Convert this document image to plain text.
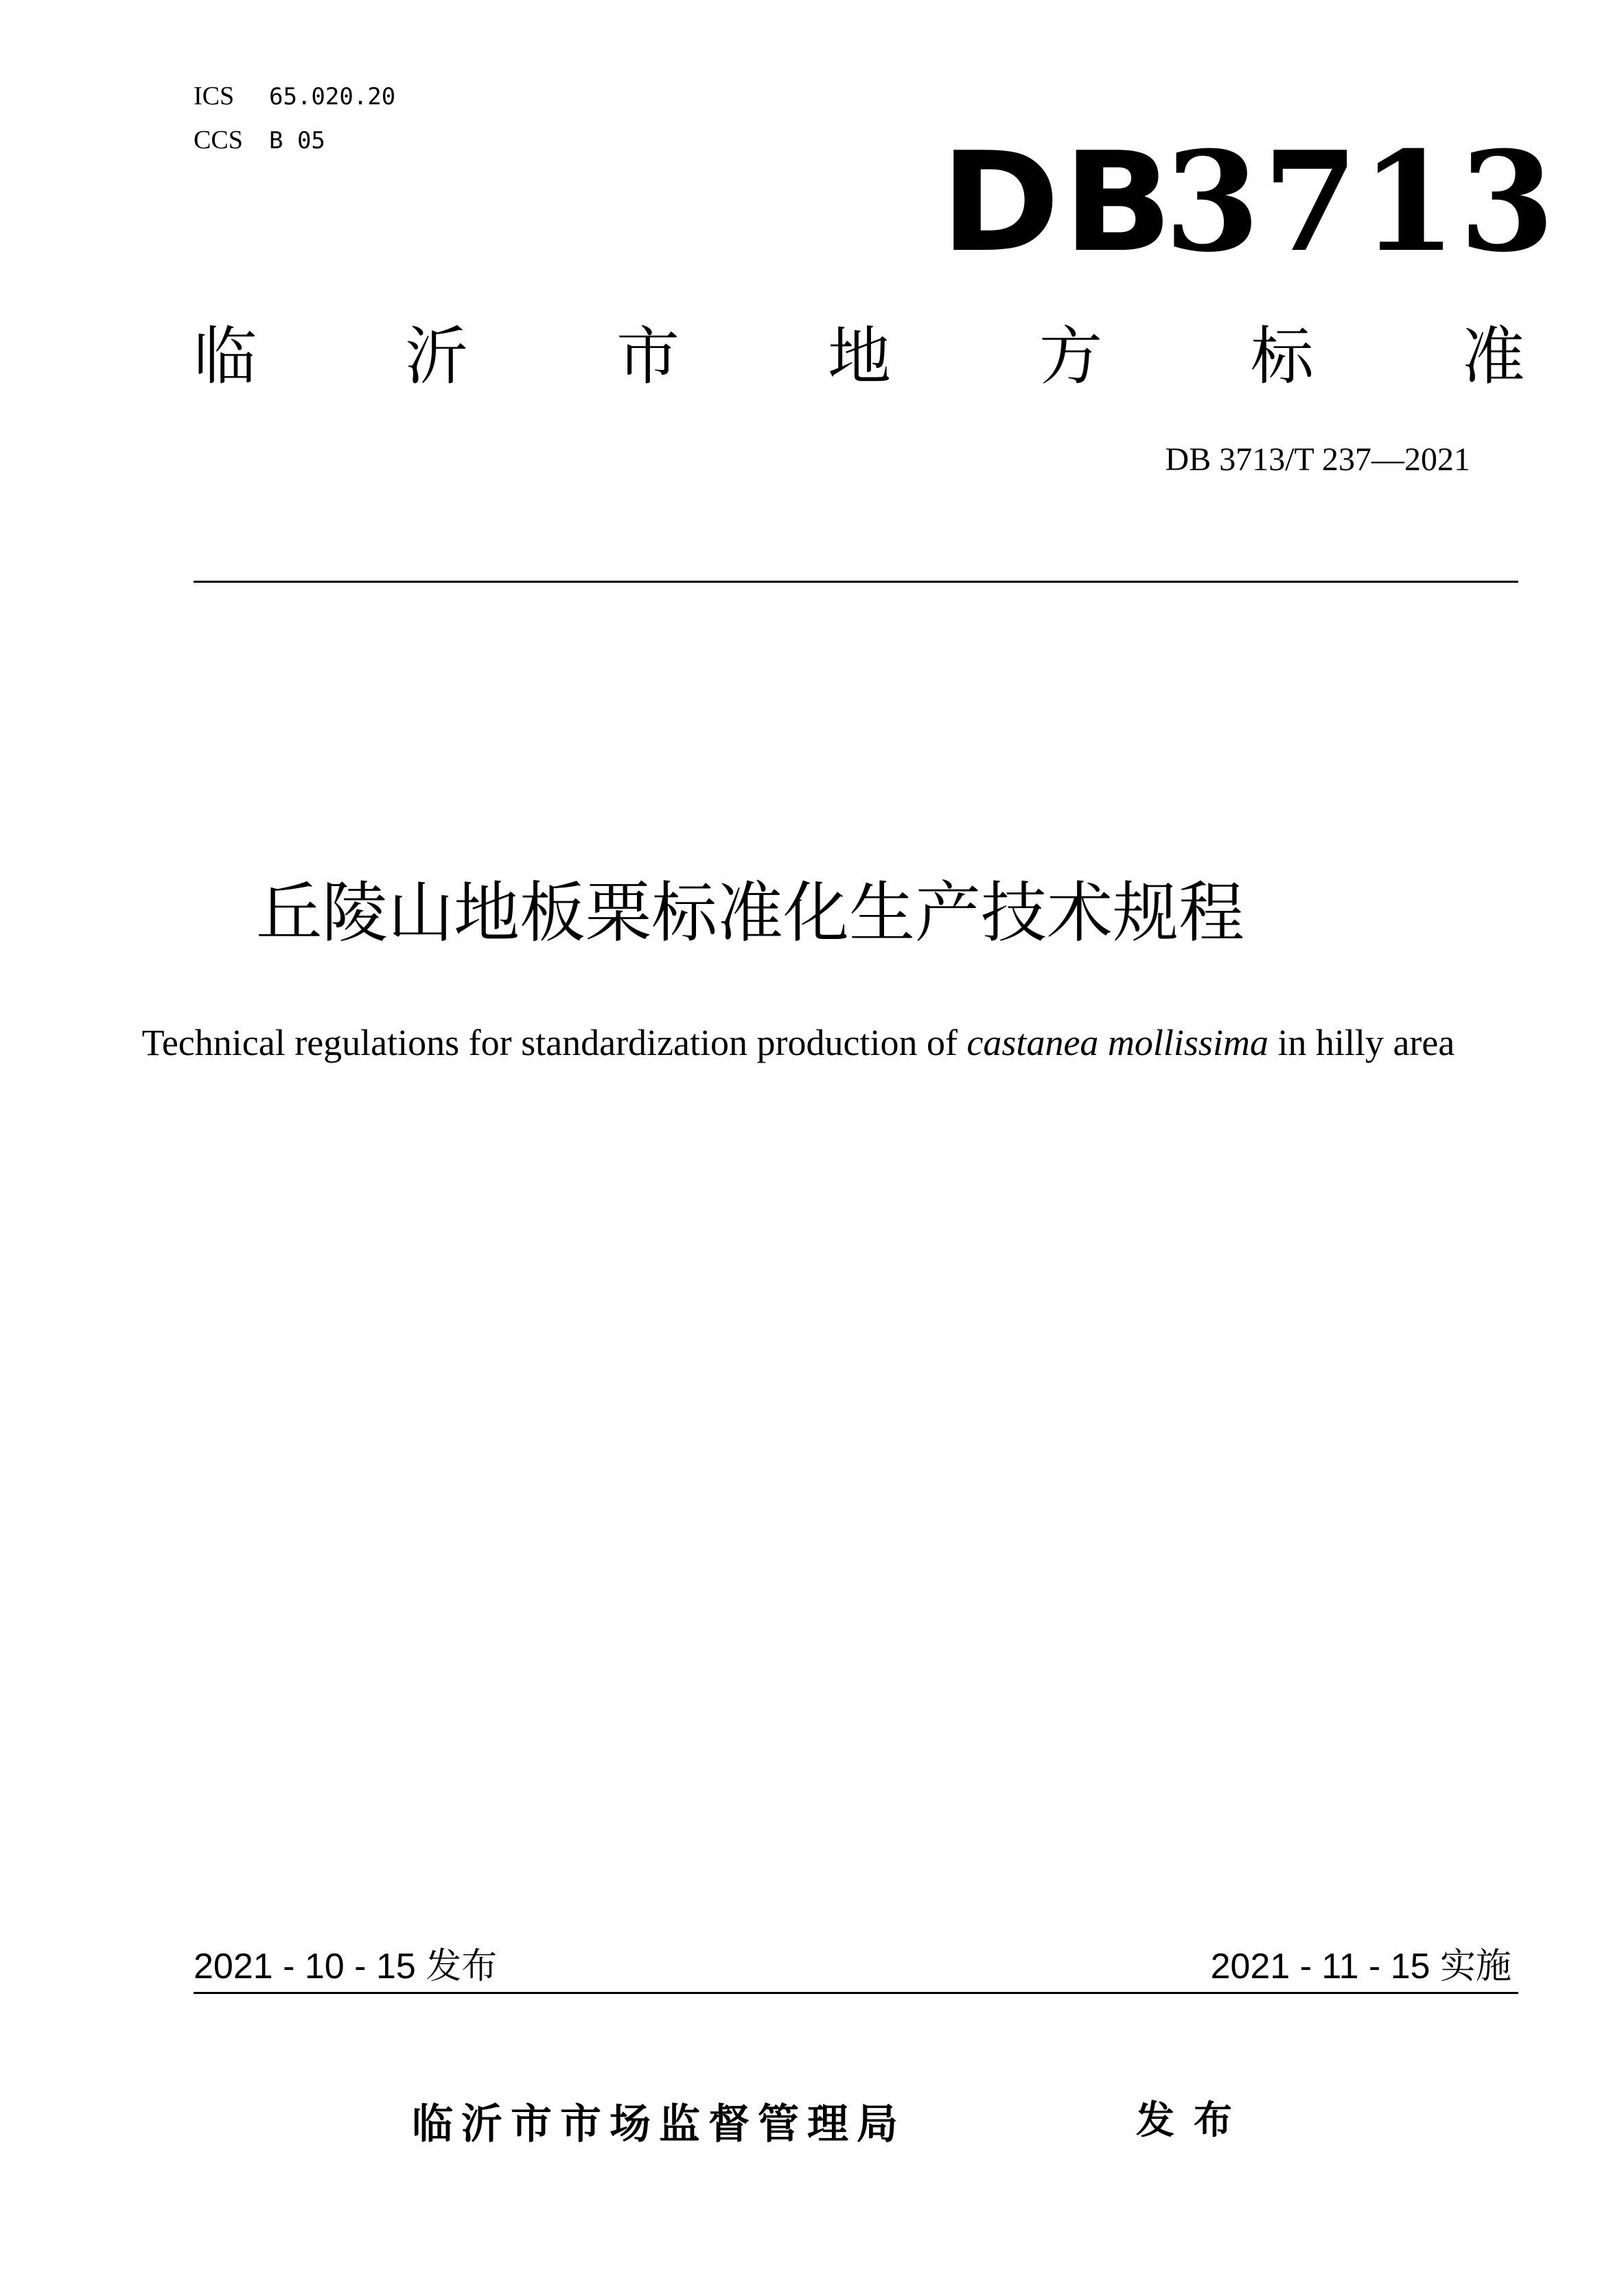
ICS 65.020.20
CCS B 05	DB3713
临 沂 市 地 方 标 准
DB 3713/T 237—2021
丘陵山地板栗标准化生产技术规程
Technical regulations for standardization production of castanea mollissima in hilly area
2021 - 10 - 15 发布	2021 - 11 - 15 实施
临沂市市场监督管理局	发布
